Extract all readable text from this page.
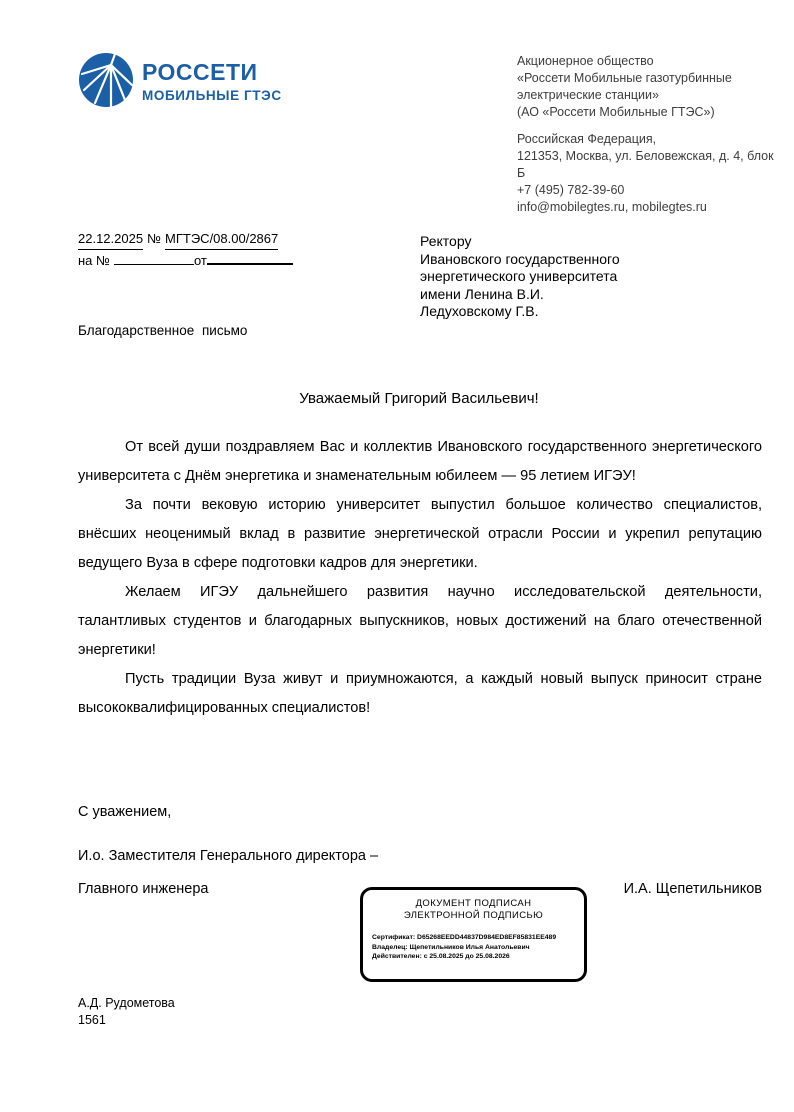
РОССЕТИ
МОБИЛЬНЫЕ ГТЭС
Акционерное общество
«Россети Мобильные газотурбинные
электрические станции»
(АО «Россети Мобильные ГТЭС»)
Российская Федерация,
121353, Москва, ул. Беловежская, д. 4, блок Б
+7 (495) 782-39-60
info@mobilegtes.ru, mobilegtes.ru
22.12.2025 № МГТЭС/08.00/2867
на №	от
Ректору
Ивановского государственного
энергетического университета
имени Ленина В.И.
Ледуховскому Г.В.
Благодарственное письмо
Уважаемый Григорий Васильевич!

От всей души поздравляем Вас и коллектив Ивановского государственного энергетического университета с Днём энергетика и знаменательным юбилеем — 95 летием ИГЭУ!

За почти вековую историю университет выпустил большое количество специалистов, внёсших неоценимый вклад в развитие энергетической отрасли России и укрепил репутацию ведущего Вуза в сфере подготовки кадров для энергетики.

Желаем ИГЭУ дальнейшего развития научно исследовательской деятельности, талантливых студентов и благодарных выпускников, новых достижений на благо отечественной энергетики!

Пусть традиции Вуза живут и приумножаются, а каждый новый выпуск приносит стране высококвалифицированных специалистов!

С уважением,
И.о. Заместителя Генерального директора –
Главного инженера	И.А. Щепетильников
ДОКУМЕНТ ПОДПИСАН
ЭЛЕКТРОННОЙ ПОДПИСЬЮ
Сертификат: D65268EEDD44837D984ED8EF85831EE489
Владелец: Щепетильников Илья Анатольевич
Действителен: с 25.08.2025 до 25.08.2026
А.Д. Рудометова
1561
